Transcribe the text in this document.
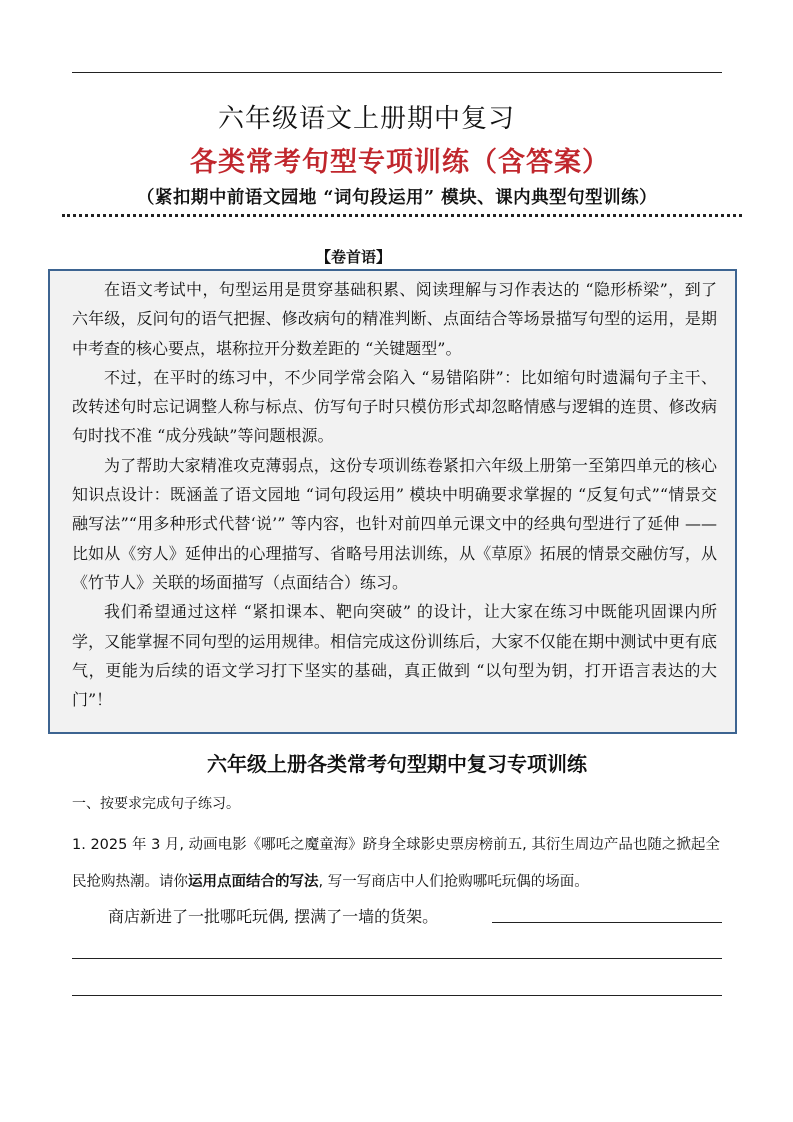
六年级语文上册期中复习
各类常考句型专项训练（含答案）
（紧扣期中前语文园地 “词句段运用” 模块、课内典型句型训练）
【卷首语】

在语文考试中，句型运用是贯穿基础积累、阅读理解与习作表达的 “隐形桥梁”，到了六年级，反问句的语气把握、修改病句的精准判断、点面结合等场景描写句型的运用，是期中考查的核心要点，堪称拉开分数差距的 “关键题型”。

不过，在平时的练习中，不少同学常会陷入 “易错陷阱”：比如缩句时遗漏句子主干、改转述句时忘记调整人称与标点、仿写句子时只模仿形式却忽略情感与逻辑的连贯、修改病句时找不准 “成分残缺”等问题根源。

为了帮助大家精准攻克薄弱点，这份专项训练卷紧扣六年级上册第一至第四单元的核心知识点设计：既涵盖了语文园地 “词句段运用” 模块中明确要求掌握的 “反复句式”“情景交融写法”“用多种形式代替‘说’” 等内容，也针对前四单元课文中的经典句型进行了延伸 —— 比如从《穷人》延伸出的心理描写、省略号用法训练，从《草原》拓展的情景交融仿写，从《竹节人》关联的场面描写（点面结合）练习。

我们希望通过这样 “紧扣课本、靶向突破” 的设计，让大家在练习中既能巩固课内所学，又能掌握不同句型的运用规律。相信完成这份训练后，大家不仅能在期中测试中更有底气，更能为后续的语文学习打下坚实的基础，真正做到 “以句型为钥，打开语言表达的大门”！

六年级上册各类常考句型期中复习专项训练
一、按要求完成句子练习。
1. 2025 年 3 月, 动画电影《哪吒之魔童海》跻身全球影史票房榜前五, 其衍生周边产品也随之掀起全民抢购热潮。请你运用点面结合的写法, 写一写商店中人们抢购哪吒玩偶的场面。
商店新进了一批哪吒玩偶, 摆满了一墙的货架。
